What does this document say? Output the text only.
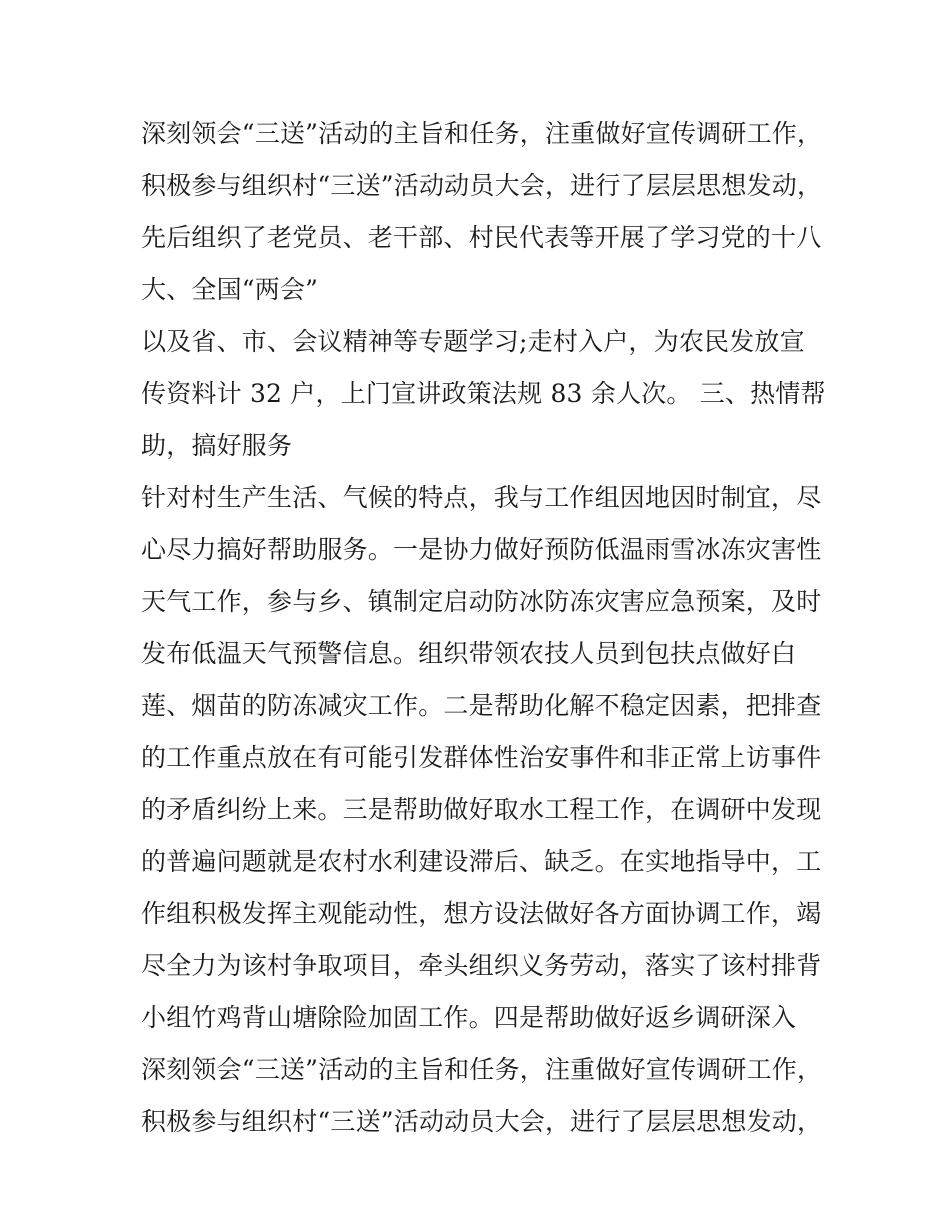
深刻领会“三送”活动的主旨和任务，注重做好宣传调研工作，
积极参与组织村“三送”活动动员大会，进行了层层思想发动，
先后组织了老党员、老干部、村民代表等开展了学习党的十八
大、全国“两会”
以及省、市、会议精神等专题学习;走村入户，为农民发放宣
传资料计 32 户，上门宣讲政策法规 83 余人次。 三、热情帮
助，搞好服务
针对村生产生活、气候的特点，我与工作组因地因时制宜，尽
心尽力搞好帮助服务。一是协力做好预防低温雨雪冰冻灾害性
天气工作，参与乡、镇制定启动防冰防冻灾害应急预案，及时
发布低温天气预警信息。组织带领农技人员到包扶点做好白
莲、烟苗的防冻减灾工作。二是帮助化解不稳定因素，把排查
的工作重点放在有可能引发群体性治安事件和非正常上访事件
的矛盾纠纷上来。三是帮助做好取水工程工作，在调研中发现
的普遍问题就是农村水利建设滞后、缺乏。在实地指导中，工
作组积极发挥主观能动性，想方设法做好各方面协调工作，竭
尽全力为该村争取项目，牵头组织义务劳动，落实了该村排背
小组竹鸡背山塘除险加固工作。四是帮助做好返乡调研深入
深刻领会“三送”活动的主旨和任务，注重做好宣传调研工作，
积极参与组织村“三送”活动动员大会，进行了层层思想发动，
